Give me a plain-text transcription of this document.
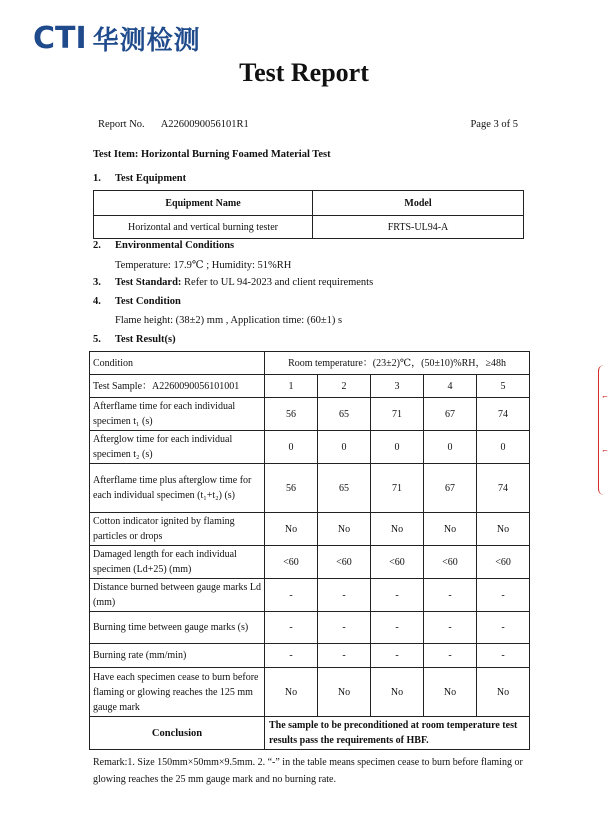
CTI 华测检测
Test Report
Report No. A2260090056101R1	Page 3 of 5
Test Item: Horizontal Burning Foamed Material Test
1. Test Equipment
Equipment Name	Model
Horizontal and vertical burning tester	FRTS-UL94-A
2. Environmental Conditions
Temperature: 17.9℃ ; Humidity: 51%RH
3. Test Standard: Refer to UL 94-2023 and client requirements
4. Test Condition
Flame height: (38±2) mm , Application time: (60±1) s
5. Test Result(s)
Condition	Room temperature：(23±2)℃，(50±10)%RH，≥48h				
Test Sample：A2260090056101001	1	2	3	4	5
Afterflame time for each individual specimen t₁ (s)	56	65	71	67	74
Afterglow time for each individual specimen t₂ (s)	0	0	0	0	0
Afterflame time plus afterglow time for each individual specimen (t₁+t₂) (s)	56	65	71	67	74
Cotton indicator ignited by flaming particles or drops	No	No	No	No	No
Damaged length for each individual specimen (Ld+25) (mm)	<60	<60	<60	<60	<60
Distance burned between gauge marks Ld (mm)	-	-	-	-	-
Burning time between gauge marks (s)	-	-	-	-	-
Burning rate (mm/min)	-	-	-	-	-
Have each specimen cease to burn before flaming or glowing reaches the 125 mm gauge mark	No	No	No	No	No
Conclusion	The sample to be preconditioned at room temperature test results pass the requirements of HBF.				
Remark:1. Size 150mm×50mm×9.5mm. 2. “-” in the table means specimen cease to burn before flaming or glowing reaches the 25 mm gauge mark and no burning rate.
⌐
⌐
